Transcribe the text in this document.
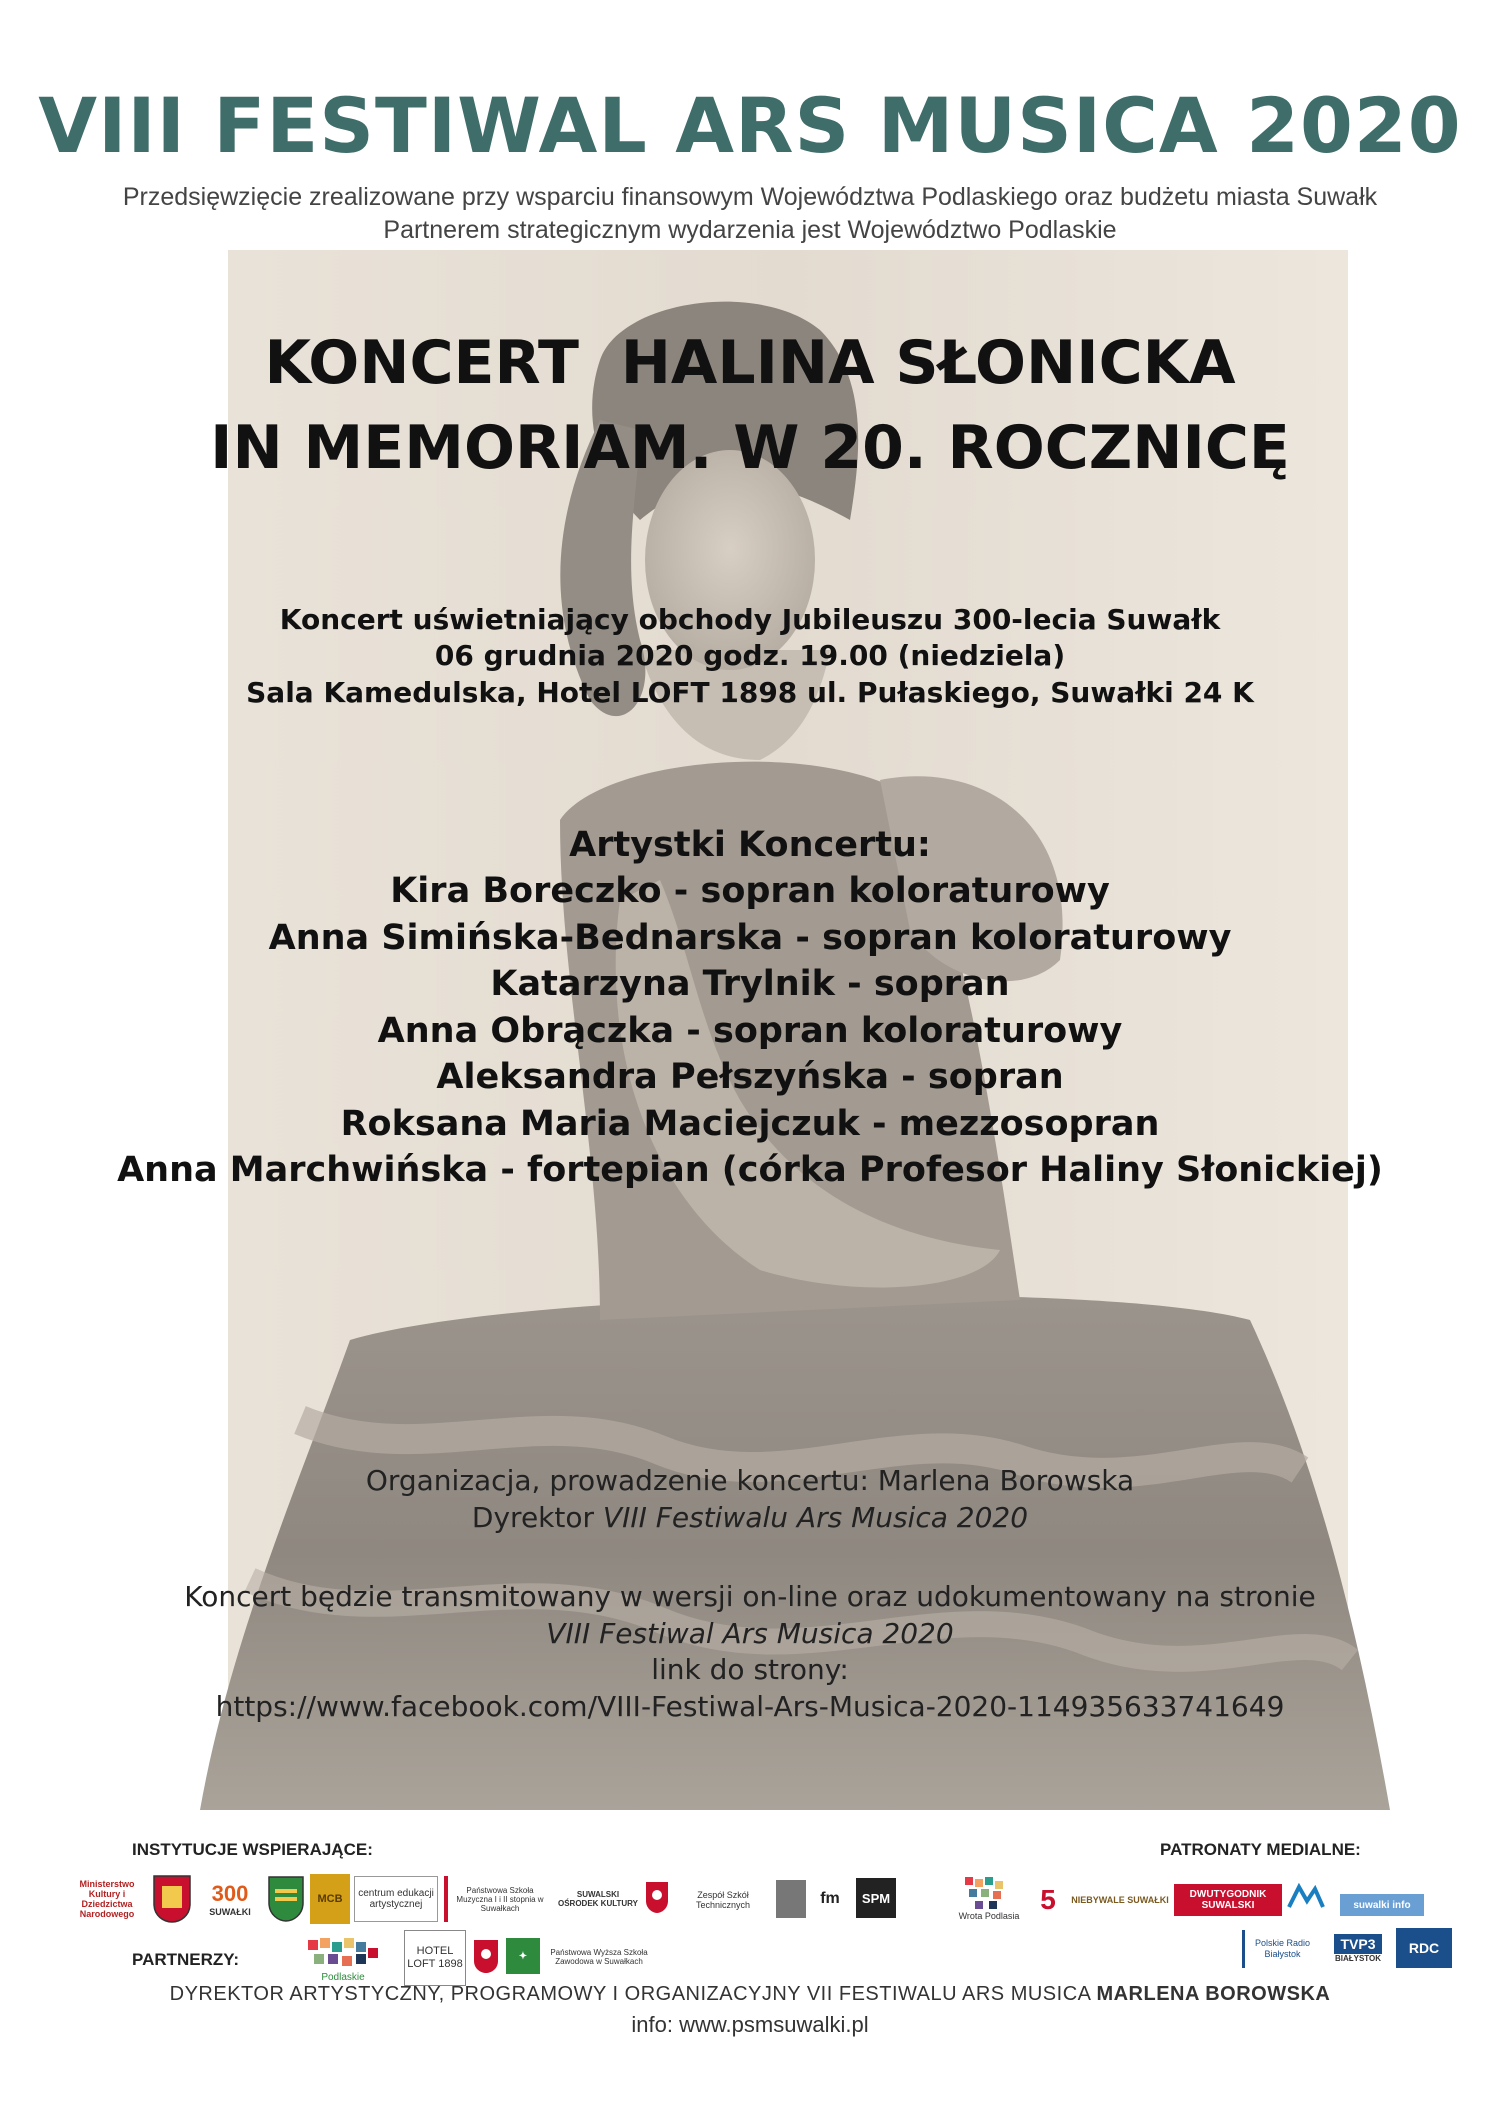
VIII FESTIWAL ARS MUSICA 2020
Przedsięwzięcie zrealizowane przy wsparciu finansowym Województwa Podlaskiego oraz budżetu miasta Suwałk
Partnerem strategicznym wydarzenia jest Województwo Podlaskie
KONCERT  HALINA SŁONICKA
IN MEMORIAM. W 20. ROCZNICĘ
Koncert uświetniający obchody Jubileuszu 300-lecia Suwałk
06 grudnia 2020 godz. 19.00 (niedziela)
Sala Kamedulska, Hotel LOFT 1898 ul. Pułaskiego, Suwałki 24 K
Artystki Koncertu:
Kira Boreczko - sopran koloraturowy
Anna Simińska-Bednarska - sopran koloraturowy
Katarzyna Trylnik - sopran
Anna Obrączka - sopran koloraturowy
Aleksandra Pełszyńska - sopran
Roksana Maria Maciejczuk - mezzosopran
Anna Marchwińska - fortepian (córka Profesor Haliny Słonickiej)
Organizacja, prowadzenie koncertu: Marlena Borowska
Dyrektor VIII Festiwalu Ars Musica 2020
Koncert będzie transmitowany w wersji on-line oraz udokumentowany na stronie
VIII Festiwal Ars Musica 2020
link do strony:
https://www.facebook.com/VIII-Festiwal-Ars-Musica-2020-114935633741649
INSTYTUCJE WSPIERAJĄCE:	PATRONATY MEDIALNE:
PARTNERZY:
Ministerstwo Kultury i Dziedzictwa Narodowego
300
SUWAŁKI
MCB	centrum edukacji artystycznej
Państwowa Szkoła Muzyczna I i II stopnia w Suwałkach
SUWALSKI OŚRODEK KULTURY
Zespół Szkół Technicznych	fm	SPM
Wrota Podlasia
5	NIEBYWALE SUWAŁKI	DWUTYGODNIK SUWALSKI	suwalki info
Podlaskie
HOTEL LOFT 1898
✦	Państwowa Wyższa Szkoła Zawodowa w Suwałkach
Polskie Radio Białystok
TVP3
BIAŁYSTOK
RDC
DYREKTOR ARTYSTYCZNY, PROGRAMOWY I ORGANIZACYJNY VII FESTIWALU ARS MUSICA MARLENA BOROWSKA
info: www.psmsuwalki.pl
